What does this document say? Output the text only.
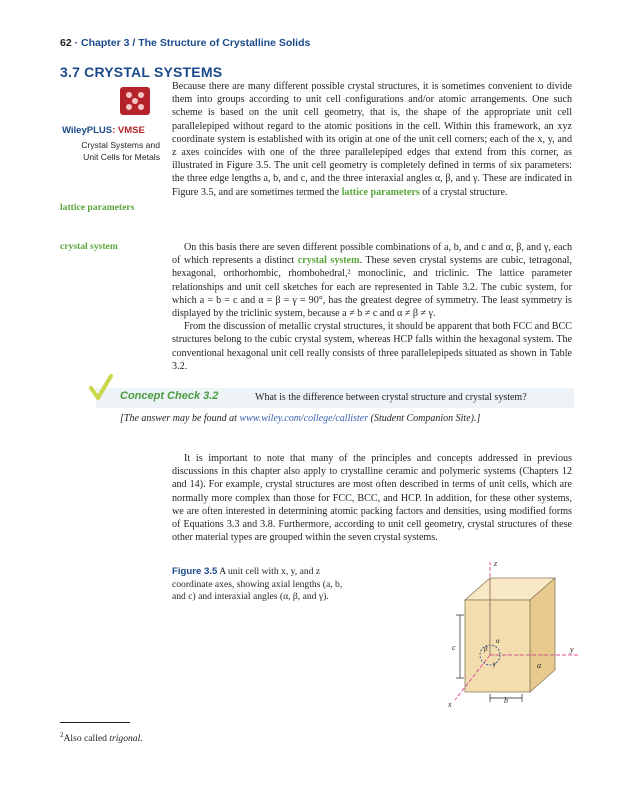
62 · Chapter 3 / The Structure of Crystalline Solids
3.7 CRYSTAL SYSTEMS
WileyPLUS: VMSE
Crystal Systems and
Unit Cells for Metals
lattice parameters
crystal system
Because there are many different possible crystal structures, it is sometimes convenient to divide them into groups according to unit cell configurations and/or atomic arrangements. One such scheme is based on the unit cell geometry, that is, the shape of the appropriate unit cell parallelepiped without regard to the atomic positions in the cell. Within this framework, an xyz coordinate system is established with its origin at one of the unit cell corners; each of the x, y, and z axes coincides with one of the three parallelepiped edges that extend from this corner, as illustrated in Figure 3.5. The unit cell geometry is completely defined in terms of six parameters: the three edge lengths a, b, and c, and the three interaxial angles α, β, and γ. These are indicated in Figure 3.5, and are sometimes termed the lattice parameters of a crystal structure.
On this basis there are seven different possible combinations of a, b, and c and α, β, and γ, each of which represents a distinct crystal system. These seven crystal systems are cubic, tetragonal, hexagonal, orthorhombic, rhombohedral,² monoclinic, and triclinic. The lattice parameter relationships and unit cell sketches for each are represented in Table 3.2. The cubic system, for which a = b = c and α = β = γ = 90°, has the greatest degree of symmetry. The least symmetry is displayed by the triclinic system, because a ≠ b ≠ c and α ≠ β ≠ γ.
From the discussion of metallic crystal structures, it should be apparent that both FCC and BCC structures belong to the cubic crystal system, whereas HCP falls within the hexagonal system. The conventional hexagonal unit cell really consists of three parallelepipeds situated as shown in Table 3.2.
Concept Check 3.2	What is the difference between crystal structure and crystal system?
[The answer may be found at www.wiley.com/college/callister (Student Companion Site).]
It is important to note that many of the principles and concepts addressed in previous discussions in this chapter also apply to crystalline ceramic and polymeric systems (Chapters 12 and 14). For example, crystal structures are most often described in terms of unit cells, which are normally more complex than those for FCC, BCC, and HCP. In addition, for these other systems, we are often interested in determining atomic packing factors and densities, using modified forms of Equations 3.3 and 3.8. Furthermore, according to unit cell geometry, crystal structures of these other material types are grouped within the seven crystal systems.
Figure 3.5 A unit cell with x, y, and z coordinate axes, showing axial lengths (a, b, and c) and interaxial angles (α, β, and γ).
z
y
x
c
b
a
α
β
γ
$^2$Also called trigonal.
